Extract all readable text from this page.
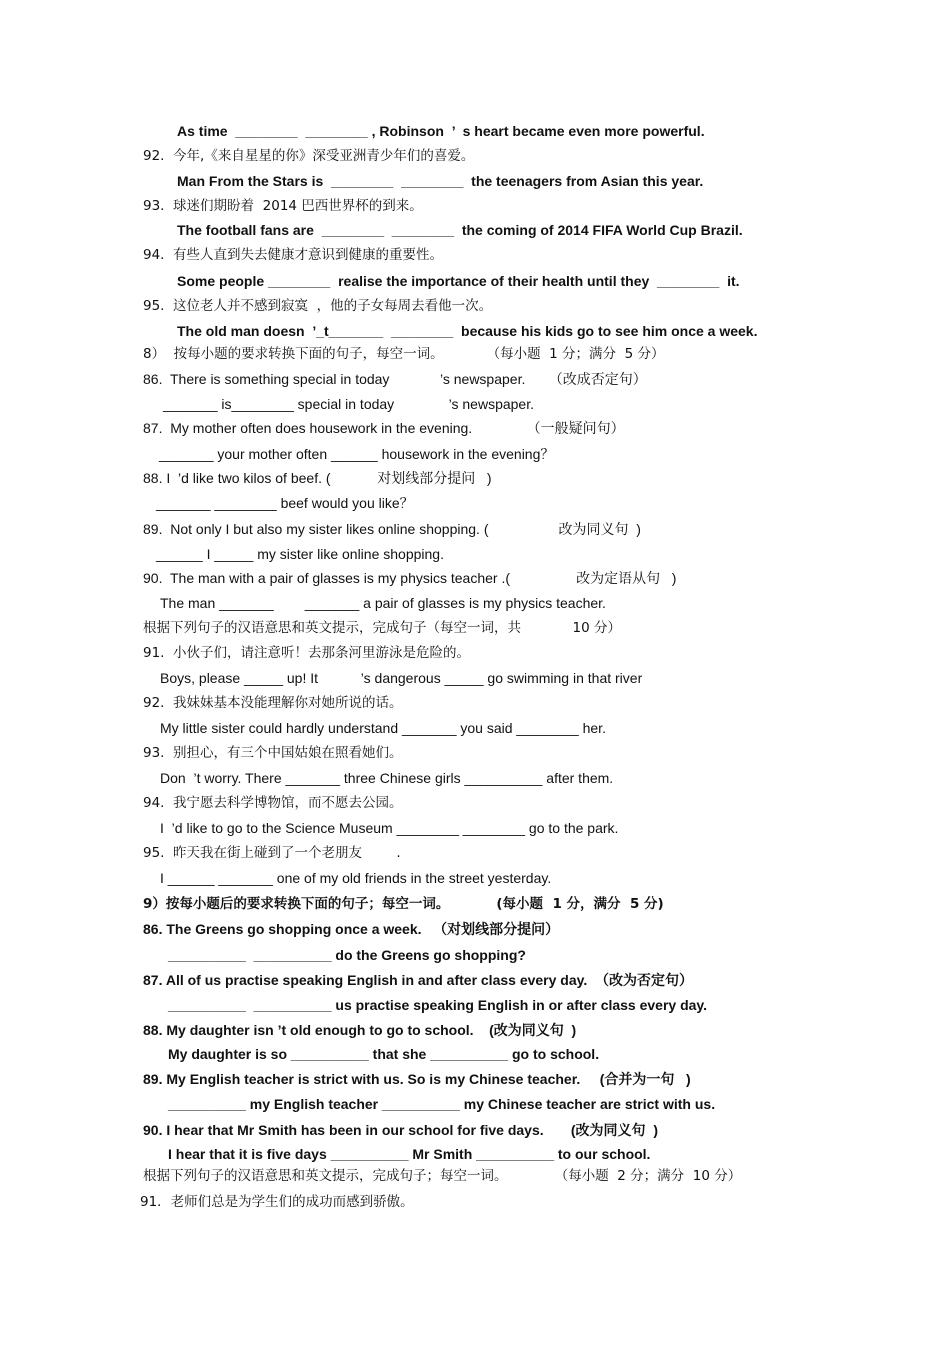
As time  ________  ________ , Robinson  ’  s heart became even more powerful.
92.  今年,《来自星星的你》深受亚洲青少年们的喜爱。
Man From the Stars is  ________  ________  the teenagers from Asian this year.
93.  球迷们期盼着  2014 巴西世界杯的到来。
The football fans are  ________  ________  the coming of 2014 FIFA World Cup Brazil.
94.  有些人直到失去健康才意识到健康的重要性。
Some people ________  realise the importance of their health until they  ________  it.
95.  这位老人并不感到寂寞  ，他的子女每周去看他一次。
The old man doesn  ’_t_______  ________  because his kids go to see him once a week.
8）  按每小题的要求转换下面的句子，每空一词。          （每小题  1 分；满分  5 分）
86.  There is something special in today             ’s newspaper.      （改成否定句）
_______ is________ special in today              ’s newspaper.
87.  My mother often does housework in the evening.              （一般疑问句）
_______ your mother often ______ housework in the evening？
88. I  ’d like two kilos of beef. (            对划线部分提问   )
_______ ________ beef would you like？
89.  Not only I but also my sister likes online shopping. (                  改为同义句  )
______ I _____ my sister like online shopping.
90.  The man with a pair of glasses is my physics teacher .(                 改为定语从句   )
The man _______        _______ a pair of glasses is my physics teacher.
根据下列句子的汉语意思和英文提示，完成句子（每空一词，共            10 分）
91.  小伙子们，请注意听！去那条河里游泳是危险的。
Boys, please _____ up! It           ’s dangerous _____ go swimming in that river
92.  我妹妹基本没能理解你对她所说的话。
My little sister could hardly understand _______ you said ________ her.
93.  别担心，有三个中国姑娘在照看她们。
Don  ’t worry. There _______ three Chinese girls __________ after them.
94.  我宁愿去科学博物馆，而不愿去公园。
I  ’d like to go to the Science Museum ________ ________ go to the park.
95.  昨天我在街上碰到了一个老朋友        .
I ______ _______ one of my old friends in the street yesterday.
9）按每小题后的要求转换下面的句子；每空一词。          (每小题  1 分，满分  5 分)
86. The Greens go shopping once a week.   （对划线部分提问）
__________  __________ do the Greens go shopping?
87. All of us practise speaking English in and after class every day.  （改为否定句）
__________  __________ us practise speaking English in or after class every day.
88. My daughter isn ’t old enough to go to school.    (改为同义句  )
My daughter is so __________ that she __________ go to school.
89. My English teacher is strict with us. So is my Chinese teacher.     (合并为一句   )
__________ my English teacher __________ my Chinese teacher are strict with us.
90. I hear that Mr Smith has been in our school for five days.       (改为同义句  )
I hear that it is five days __________ Mr Smith __________ to our school.
根据下列句子的汉语意思和英文提示，完成句子；每空一词。           （每小题  2 分；满分  10 分）
91．老师们总是为学生们的成功而感到骄傲。
